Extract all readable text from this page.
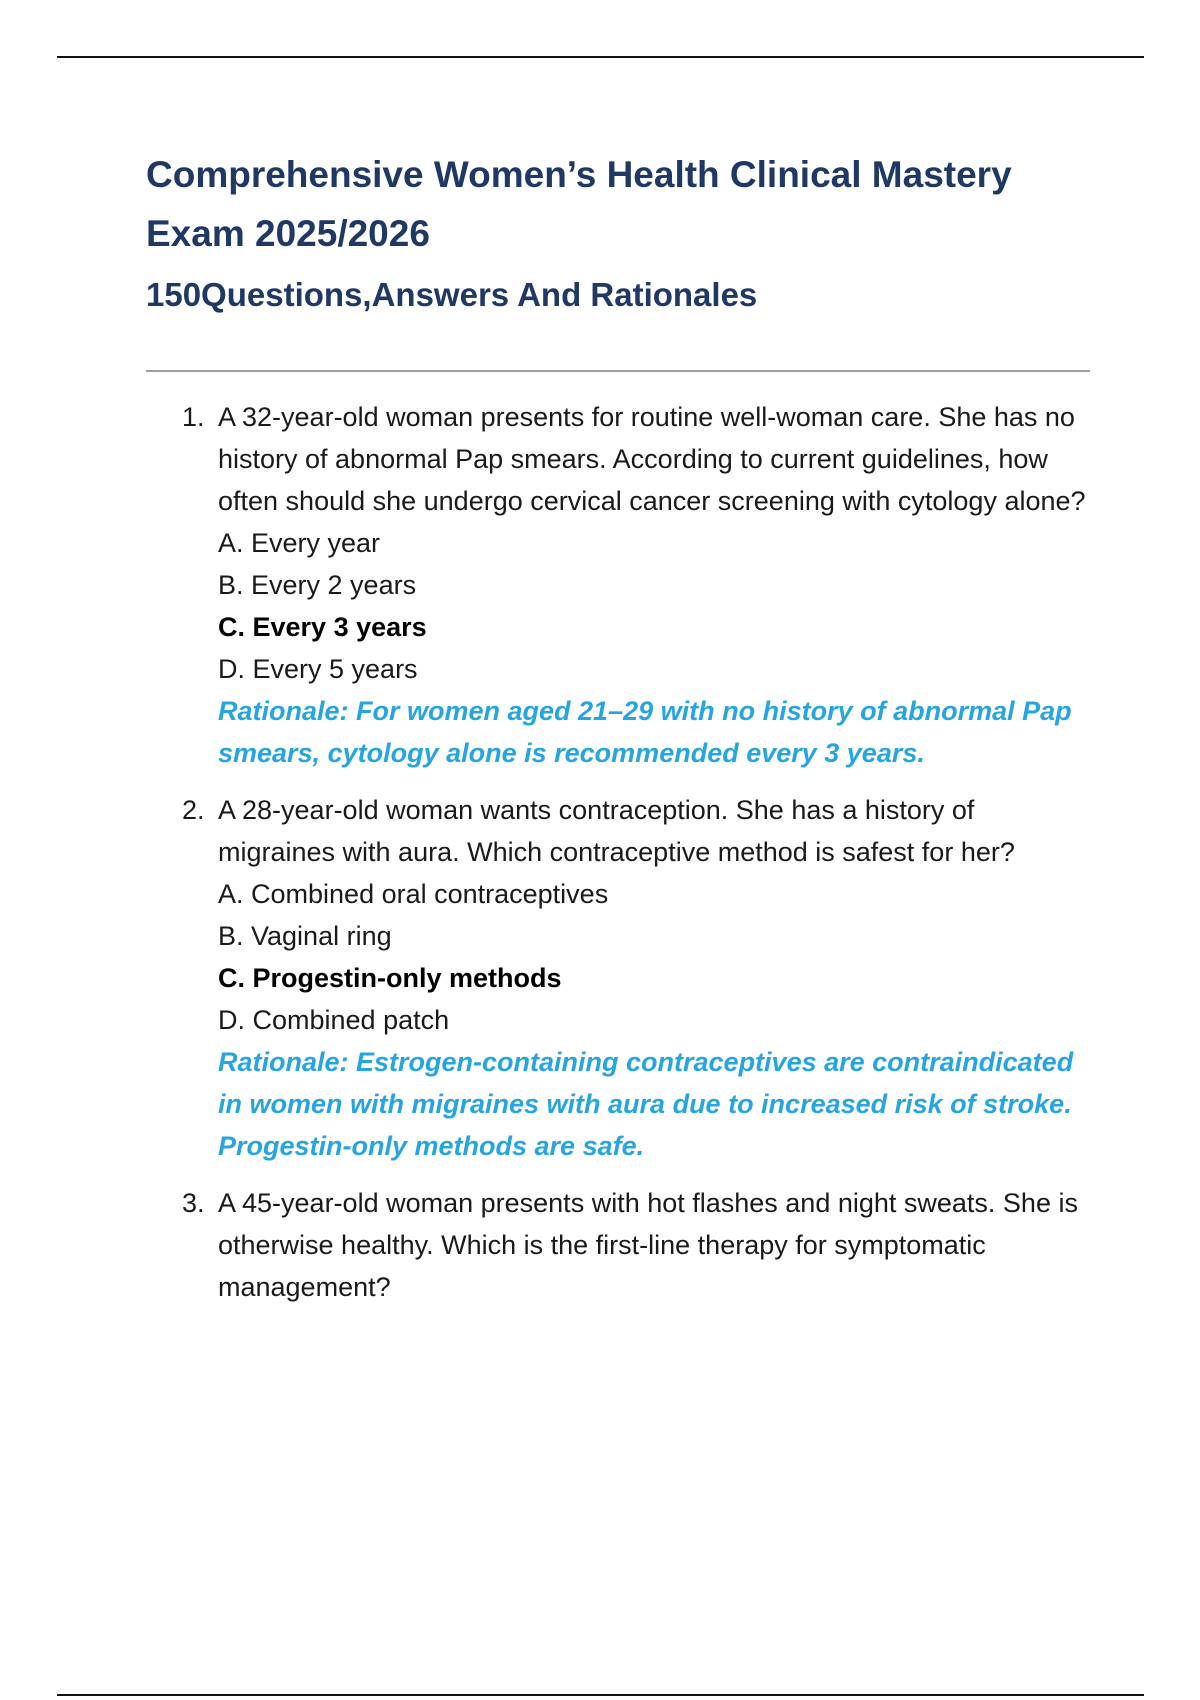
Comprehensive Women’s Health Clinical Mastery Exam 2025/2026
150Questions,Answers And Rationales
1. A 32-year-old woman presents for routine well-woman care. She has no history of abnormal Pap smears. According to current guidelines, how often should she undergo cervical cancer screening with cytology alone?
A. Every year
B. Every 2 years
C. Every 3 years
D. Every 5 years
Rationale: For women aged 21–29 with no history of abnormal Pap smears, cytology alone is recommended every 3 years.
2. A 28-year-old woman wants contraception. She has a history of migraines with aura. Which contraceptive method is safest for her?
A. Combined oral contraceptives
B. Vaginal ring
C. Progestin-only methods
D. Combined patch
Rationale: Estrogen-containing contraceptives are contraindicated in women with migraines with aura due to increased risk of stroke. Progestin-only methods are safe.
3. A 45-year-old woman presents with hot flashes and night sweats. She is otherwise healthy. Which is the first-line therapy for symptomatic management?
